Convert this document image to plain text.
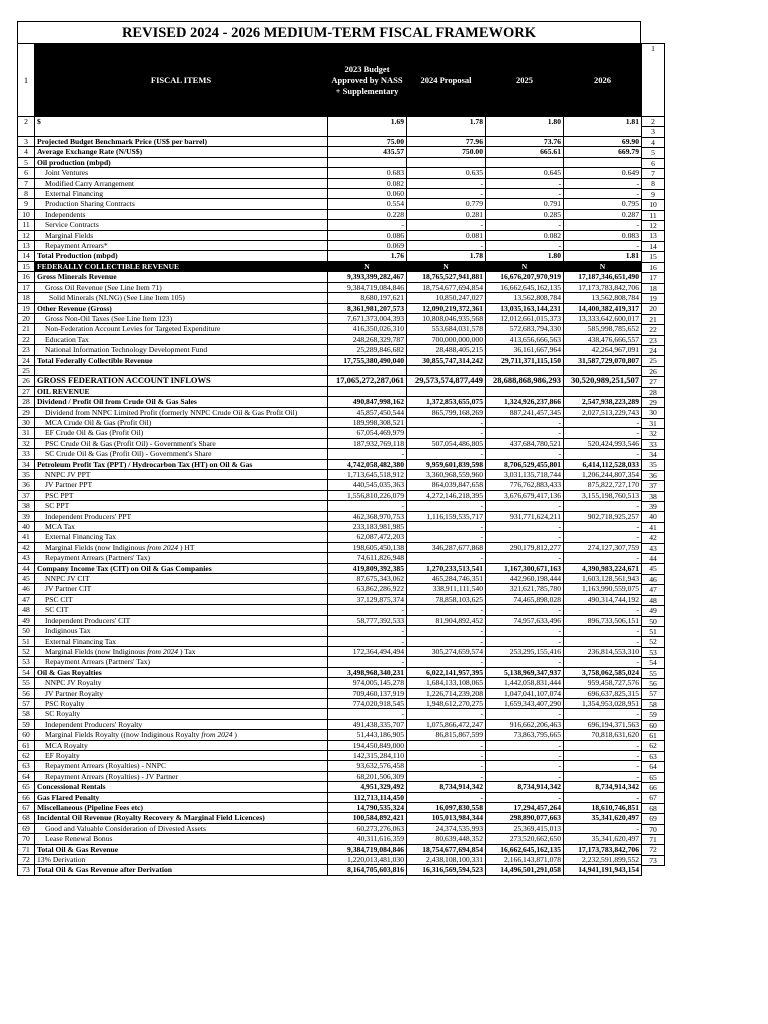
REVISED 2024 - 2026 MEDIUM-TERM FISCAL FRAMEWORK
1	FISCAL ITEMS	2023 Budget Approved by NASS + Supplementary	2024 Proposal	2025	2026
2	$	1.69	1.78	1.80	1.81
3	Projected Budget Benchmark Price (US$ per barrel)	75.00	77.96	73.76	69.90
4	Average Exchange Rate (N/US$)	435.57	750.00	665.61	669.79
5	Oil production (mbpd)				
6	Joint Ventures	0.683	0.635	0.645	0.649
7	Modified Carry Arrangement	0.082	-	-	-
8	External Financing	0.060	-	-	-
9	Production Sharing Contracts	0.554	0.779	0.791	0.795
10	Independents	0.228	0.281	0.285	0.287
11	Service Contracts	-	-	-	-
12	Marginal Fields	0.086	0.081	0.082	0.083
13	Repayment Arrears*	0.069	-	-	-
14	Total Production (mbpd)	1.76	1.78	1.80	1.81
15	FEDERALLY COLLECTIBLE REVENUE	N	N	N	N
16	Gross Minerals Revenue	9,393,399,282,467	18,765,527,941,881	16,676,207,970,919	17,187,346,651,490
17	Gross Oil Revenue (See Line Item 71)	9,384,719,084,846	18,754,677,694,854	16,662,645,162,135	17,173,783,842,706
18	Solid Minerals (NLNG) (See Line Item 105)	8,680,197,621	10,850,247,027	13,562,808,784	13,562,808,784
19	Other Revenue (Gross)	8,361,981,207,573	12,090,219,372,361	13,035,163,144,231	14,400,382,419,317
20	Gross Non-Oil Taxes (See Line Item 123)	7,671,373,004,393	10,808,046,935,568	12,012,661,015,373	13,333,642,600,017
21	Non-Federation Account Levies for Targeted Expenditure	416,350,026,310	553,684,031,578	572,683,794,330	585,998,785,652
22	Education Tax	248,268,329,787	700,000,000,000	413,656,666,563	438,476,666,557
23	National Information Technology Development Fund	25,289,846,682	28,488,405,215	36,161,667,964	42,264,967,091
24	Total Federally Collectible Revenue	17,755,380,490,040	30,855,747,314,242	29,711,371,115,150	31,587,729,070,807
25					
26	GROSS FEDERATION ACCOUNT INFLOWS	17,065,272,287,061	29,573,574,877,449	28,688,868,986,293	30,520,989,251,507
27	OIL REVENUE				
28	Dividend / Profit Oil from Crude Oil & Gas Sales	490,847,998,162	1,372,853,655,075	1,324,926,237,866	2,547,938,223,289
29	Dividend from NNPC Limited Profit (formerly NNPC Crude Oil & Gas Profit Oil)	45,857,450,544	865,799,168,269	887,241,457,345	2,027,513,229,743
30	MCA Crude Oil & Gas (Profit Oil)	189,998,308,521	-	-	-
31	EF Crude Oil & Gas (Profit Oil)	67,054,469,979	-	-	-
32	PSC Crude Oil & Gas (Profit Oil) - Government's Share	187,932,769,118	507,054,486,805	437,684,780,521	520,424,993,546
33	SC Crude Oil & Gas (Profit Oil) - Government's Share	-	-	-	-
34	Petroleum Profit Tax (PPT) / Hydrocarbon Tax (HT) on Oil & Gas	4,742,058,482,380	9,959,601,839,598	8,706,529,455,801	6,414,112,528,033
35	NNPC JV PPT	1,713,645,518,912	3,360,968,559,960	3,031,135,718,744	1,206,244,807,354
36	JV Partner PPT	440,545,035,363	864,039,847,658	776,762,883,433	875,822,727,170
37	PSC PPT	1,556,810,226,079	4,272,146,218,395	3,676,679,417,136	3,155,198,760,513
38	SC PPT	-	-	-	-
39	Independent Producers' PPT	462,368,970,753	1,116,159,535,717	931,771,624,211	902,718,925,257
40	MCA Tax	233,183,981,985	-	-	-
41	External Financing Tax	62,087,472,203	-	-	-
42	Marginal Fields (now Indiginous from 2024 ) HT	198,605,450,138	346,287,677,868	290,179,812,277	274,127,307,759
43	Repayment Arrears (Partners' Tax)	74,611,826,948	-	-	-
44	Company Income Tax (CIT) on Oil & Gas Companies	419,809,392,385	1,270,233,513,541	1,167,300,671,163	4,390,983,224,671
45	NNPC JV CIT	87,675,343,062	465,284,746,351	442,960,198,444	1,603,128,561,943
46	JV Partner CIT	63,862,286,922	338,911,111,540	321,621,785,780	1,163,990,559,075
47	PSC CIT	37,129,875,374	78,858,103,625	74,465,898,028	490,314,744,192
48	SC CIT	-	-	-	-
49	Independent Producers' CIT	58,777,392,533	81,904,892,452	74,957,633,496	896,733,506,151
50	Indiginous Tax	-	-	-	-
51	External Financing Tax	-	-	-	-
52	Marginal Fields (now Indiginous from 2024 ) Tax	172,364,494,494	305,274,659,574	253,295,155,416	236,814,553,310
53	Repayment Arrears (Partners' Tax)	-	-	-	-
54	Oil & Gas Royalties	3,498,968,340,231	6,022,141,957,395	5,138,969,347,937	3,758,062,585,024
55	NNPC JV Royalty	974,005,145,278	1,684,133,108,065	1,442,058,831,444	959,458,727,576
56	JV Partner Royalty	709,460,137,919	1,226,714,239,208	1,047,041,107,074	696,637,825,315
57	PSC Royalty	774,020,918,545	1,948,612,270,275	1,659,343,407,290	1,354,953,028,951
58	SC Royalty	-	-	-	-
59	Independent Producers' Royalty	491,438,335,707	1,075,866,472,247	916,662,206,463	696,194,371,563
60	Marginal Fields Royalty ((now Indiginous Royalty from 2024 )	51,443,186,905	86,815,867,599	73,863,795,665	70,818,631,620
61	MCA Royalty	194,450,849,000	-	-	-
62	EF Royalty	142,315,284,110	-	-	-
63	Repayment Arrears (Royalties) - NNPC	93,632,576,458	-	-	-
64	Repayment Arrears (Royalties) - JV Partner	68,201,506,309	-	-	-
65	Concessional Rentals	4,951,329,492	8,734,914,342	8,734,914,342	8,734,914,342
66	Gas Flared Penalty	112,713,114,450	-	-	-
67	Miscellaneous (Pipeline Fees etc)	14,790,535,324	16,097,830,558	17,294,457,264	18,610,746,851
68	Incidental Oil Revenue (Royalty Recovery & Marginal Field Licences)	100,584,892,421	105,013,984,344	298,890,077,663	35,341,620,497
69	Good and Valuable Consideration of Divested Assets	60,273,276,063	24,374,535,993	25,369,415,013	-
70	Lease Renewal Bonus	40,311,616,359	80,639,448,352	273,520,662,650	35,341,620,497
71	Total Oil & Gas Revenue	9,384,719,084,846	18,754,677,694,854	16,662,645,162,135	17,173,783,842,706
72	13% Derivation	1,220,013,481,030	2,438,108,100,331	2,166,143,871,078	2,232,591,899,552
73	Total Oil & Gas Revenue after Derivation	8,164,705,603,816	16,316,569,594,523	14,496,501,291,058	14,941,191,943,154
1
2
3
4
5
6
7
8
9
10
11
12
13
14
15
16
17
18
19
20
21
22
23
24
25
26
27
28
29
30
31
32
33
34
35
36
37
38
39
40
41
42
43
44
45
46
47
48
49
50
51
52
53
54
55
56
57
58
59
60
61
62
63
64
65
66
67
68
69
70
71
72
73
